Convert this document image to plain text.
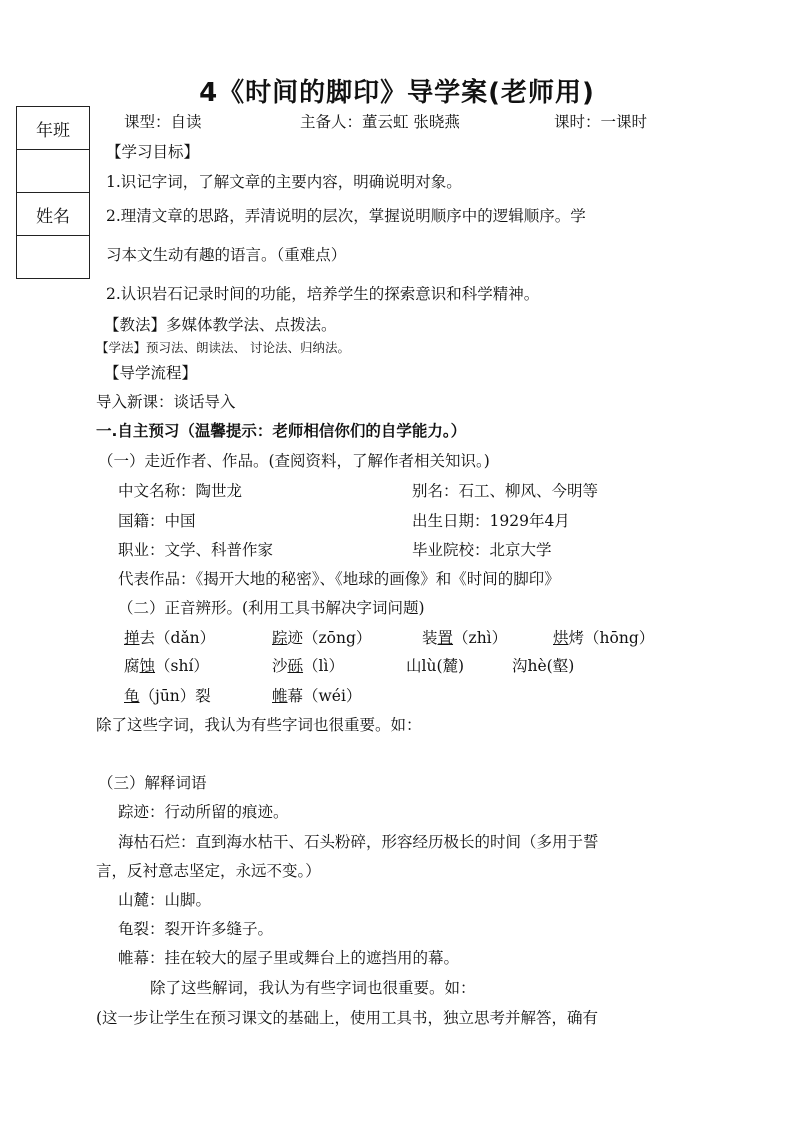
4《时间的脚印》导学案(老师用)
年班

姓名

课型：自读	主备人：董云虹 张晓燕	课时：一课时
【学习目标】
1.识记字词，了解文章的主要内容，明确说明对象。
2.理清文章的思路，弄清说明的层次，掌握说明顺序中的逻辑顺序。学
习本文生动有趣的语言。（重难点）
2.认识岩石记录时间的功能，培养学生的探索意识和科学精神。
【教法】多媒体教学法、点拨法。
【学法】预习法、朗读法、 讨论法、归纳法。
【导学流程】
导入新课：谈话导入
一.自主预习（温馨提示：老师相信你们的自学能力。）
（一）走近作者、作品。(查阅资料，了解作者相关知识。)
中文名称：陶世龙	别名：石工、柳风、今明等
国籍：中国	出生日期：1929年4月
职业：文学、科普作家	毕业院校：北京大学
代表作品：《揭开大地的秘密》、《地球的画像》和《时间的脚印》
（二）正音辨形。(利用工具书解决字词问题)
掸去（dǎn）	踪迹（zōng）	装置（zhì）	烘烤（hōng）
腐蚀（shí）	沙砾（lì）	山lù(麓)	沟hè(壑)
龟（jūn）裂	帷幕（wéi）
除了这些字词，我认为有些字词也很重要。如：
（三）解释词语
踪迹：行动所留的痕迹。
海枯石烂：直到海水枯干、石头粉碎，形容经历极长的时间（多用于誓
言，反衬意志坚定，永远不变。）
山麓：山脚。
龟裂：裂开许多缝子。
帷幕：挂在较大的屋子里或舞台上的遮挡用的幕。
除了这些解词，我认为有些字词也很重要。如：
(这一步让学生在预习课文的基础上，使用工具书，独立思考并解答，确有
